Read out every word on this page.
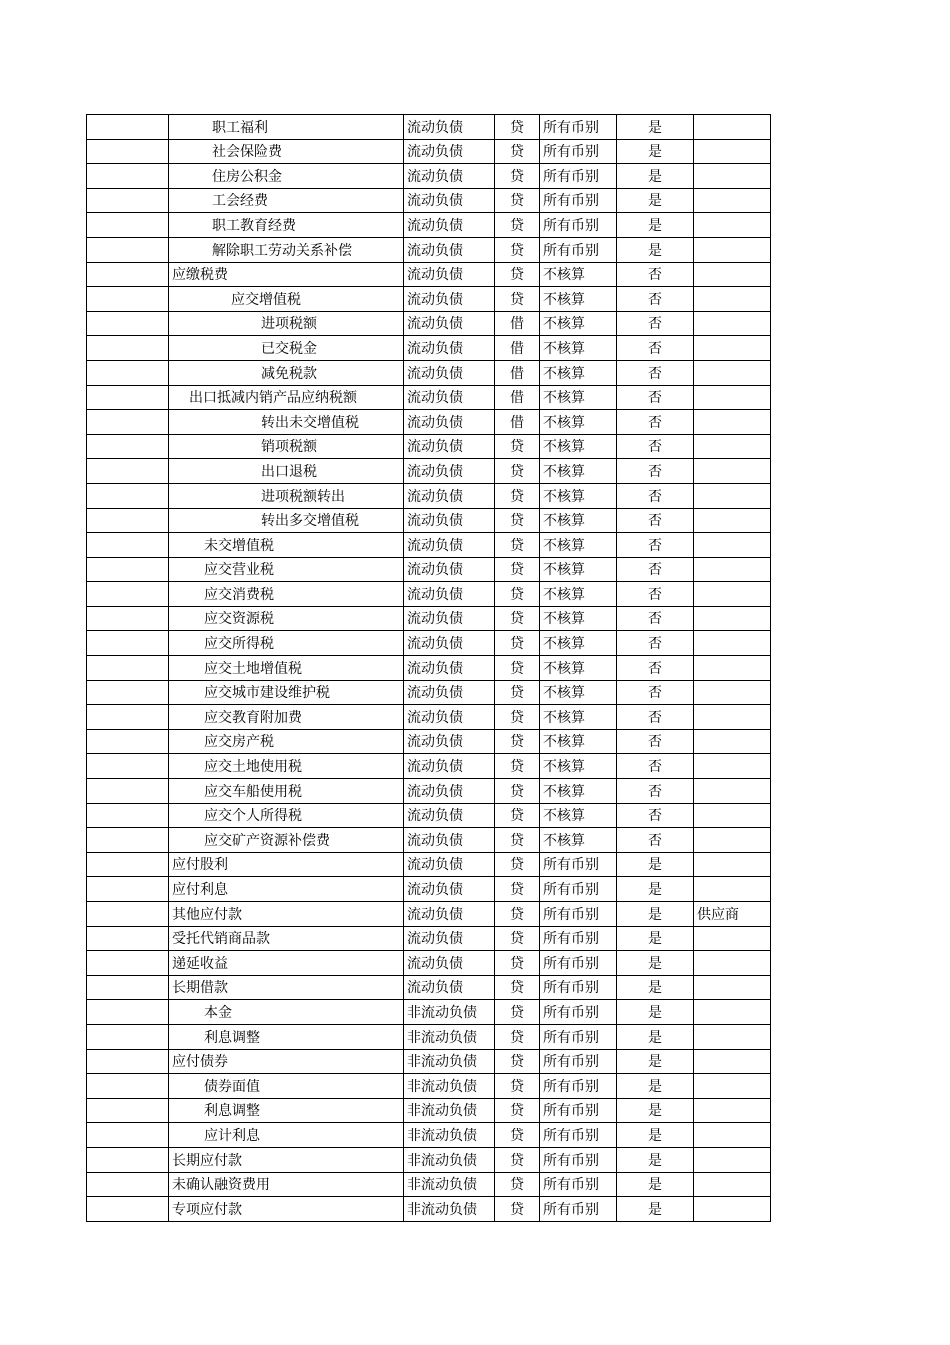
	职工福利	流动负债	贷	所有币别	是	
	社会保险费	流动负债	贷	所有币别	是	
	住房公积金	流动负债	贷	所有币别	是	
	工会经费	流动负债	贷	所有币别	是	
	职工教育经费	流动负债	贷	所有币别	是	
	解除职工劳动关系补偿	流动负债	贷	所有币别	是	
	应缴税费	流动负债	贷	不核算	否	
	应交增值税	流动负债	贷	不核算	否	
	进项税额	流动负债	借	不核算	否	
	已交税金	流动负债	借	不核算	否	
	减免税款	流动负债	借	不核算	否	
	出口抵减内销产品应纳税额	流动负债	借	不核算	否	
	转出未交增值税	流动负债	借	不核算	否	
	销项税额	流动负债	贷	不核算	否	
	出口退税	流动负债	贷	不核算	否	
	进项税额转出	流动负债	贷	不核算	否	
	转出多交增值税	流动负债	贷	不核算	否	
	未交增值税	流动负债	贷	不核算	否	
	应交营业税	流动负债	贷	不核算	否	
	应交消费税	流动负债	贷	不核算	否	
	应交资源税	流动负债	贷	不核算	否	
	应交所得税	流动负债	贷	不核算	否	
	应交土地增值税	流动负债	贷	不核算	否	
	应交城市建设维护税	流动负债	贷	不核算	否	
	应交教育附加费	流动负债	贷	不核算	否	
	应交房产税	流动负债	贷	不核算	否	
	应交土地使用税	流动负债	贷	不核算	否	
	应交车船使用税	流动负债	贷	不核算	否	
	应交个人所得税	流动负债	贷	不核算	否	
	应交矿产资源补偿费	流动负债	贷	不核算	否	
	应付股利	流动负债	贷	所有币别	是	
	应付利息	流动负债	贷	所有币别	是	
	其他应付款	流动负债	贷	所有币别	是	供应商
	受托代销商品款	流动负债	贷	所有币别	是	
	递延收益	流动负债	贷	所有币别	是	
	长期借款	流动负债	贷	所有币别	是	
	本金	非流动负债	贷	所有币别	是	
	利息调整	非流动负债	贷	所有币别	是	
	应付债券	非流动负债	贷	所有币别	是	
	债券面值	非流动负债	贷	所有币别	是	
	利息调整	非流动负债	贷	所有币别	是	
	应计利息	非流动负债	贷	所有币别	是	
	长期应付款	非流动负债	贷	所有币别	是	
	未确认融资费用	非流动负债	贷	所有币别	是	
	专项应付款	非流动负债	贷	所有币别	是	
